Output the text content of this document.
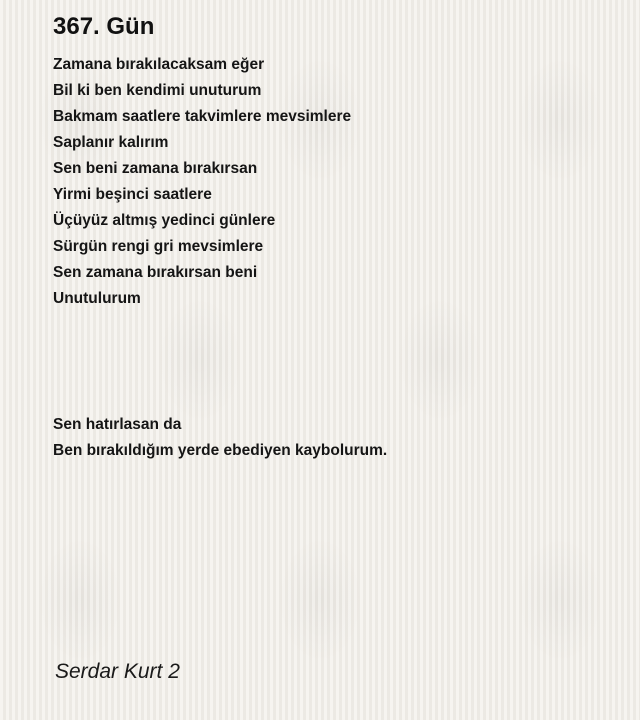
367. Gün
Zamana bırakılacaksam eğer
Bil ki ben kendimi unuturum
Bakmam saatlere takvimlere mevsimlere
Saplanır kalırım
Sen beni zamana bırakırsan
Yirmi beşinci saatlere
Üçüyüz altmış yedinci günlere
Sürgün rengi gri mevsimlere
Sen zamana bırakırsan beni
Unutulurum
Sen hatırlasan da
Ben bırakıldığım yerde ebediyen kaybolurum.
Serdar Kurt 2
